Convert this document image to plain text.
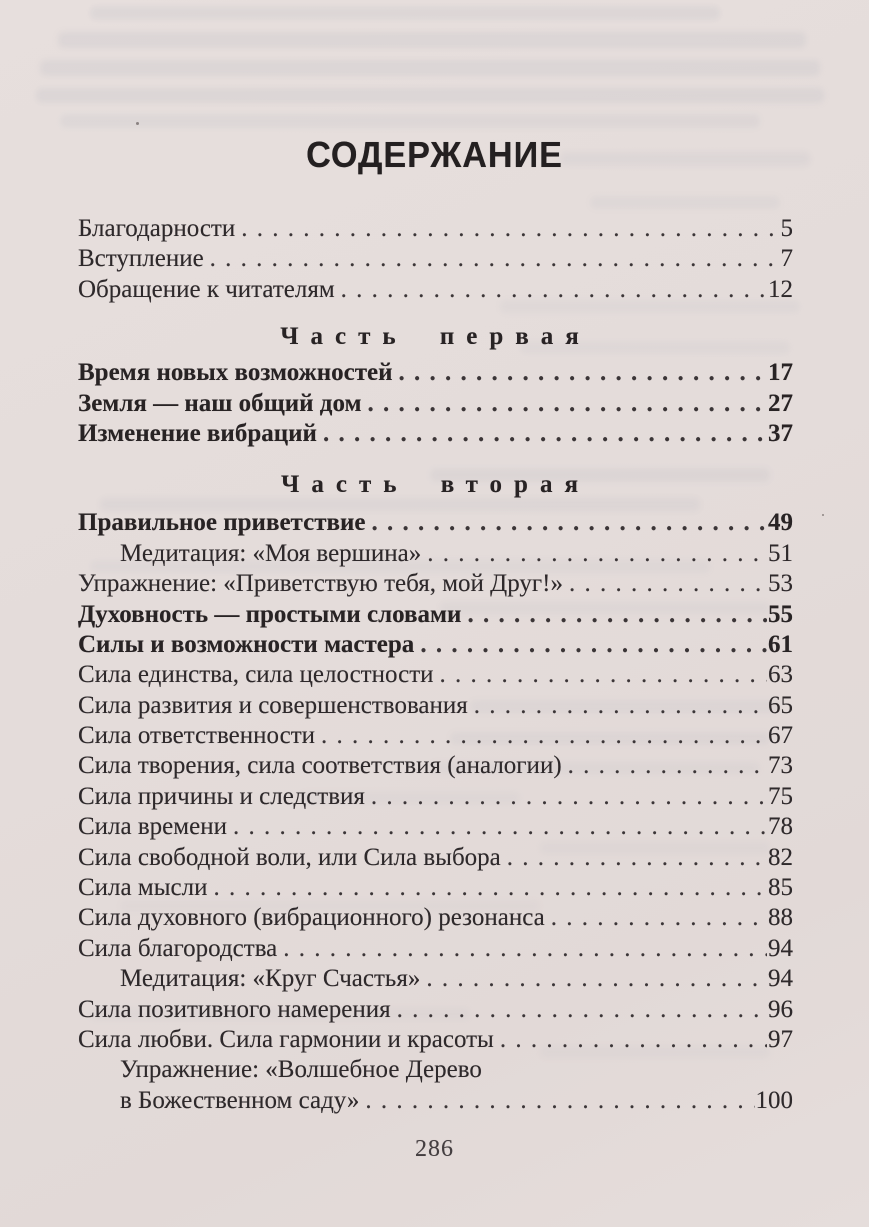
СОДЕРЖАНИЕ
Благодарности . . .	5
Вступление . . .	7
Обращение к читателям . . .	12
Часть первая
Время новых возможностей . . .	17
Земля — наш общий дом . . .	27
Изменение вибраций . . .	37
Часть вторая
Правильное приветствие . . .	49
Медитация: «Моя вершина» . . .	51
Упражнение: «Приветствую тебя, мой Друг!» . . .	53
Духовность — простыми словами . . .	55
Силы и возможности мастера . . .	61
Сила единства, сила целостности . . .	63
Сила развития и совершенствования . . .	65
Сила ответственности . . .	67
Сила творения, сила соответствия (аналогии) . . .	73
Сила причины и следствия . . .	75
Сила времени . . .	78
Сила свободной воли, или Сила выбора . . .	82
Сила мысли . . .	85
Сила духовного (вибрационного) резонанса . . .	88
Сила благородства . . .	94
Медитация: «Круг Счастья» . . .	94
Сила позитивного намерения . . .	96
Сила любви. Сила гармонии и красоты . . .	97
Упражнение: «Волшебное Дерево
в Божественном саду» . . .	100
286
